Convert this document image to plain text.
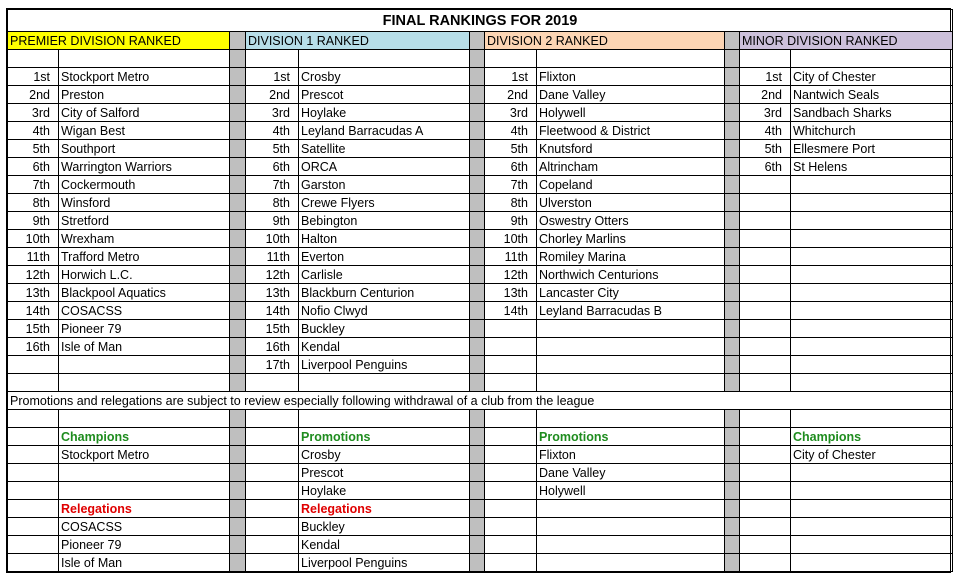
FINAL RANKINGS FOR 2019										
PREMIER DIVISION RANKED			DIVISION 1 RANKED			DIVISION 2 RANKED			MINOR DIVISION RANKED	

1st	Stockport Metro		1st	Crosby		1st	Flixton		1st	City of Chester
2nd	Preston		2nd	Prescot		2nd	Dane Valley		2nd	Nantwich Seals
3rd	City of Salford		3rd	Hoylake		3rd	Holywell		3rd	Sandbach Sharks
4th	Wigan Best		4th	Leyland Barracudas A		4th	Fleetwood & District		4th	Whitchurch
5th	Southport		5th	Satellite		5th	Knutsford		5th	Ellesmere Port
6th	Warrington Warriors		6th	ORCA		6th	Altrincham		6th	St Helens
7th	Cockermouth		7th	Garston		7th	Copeland			
8th	Winsford		8th	Crewe Flyers		8th	Ulverston			
9th	Stretford		9th	Bebington		9th	Oswestry Otters			
10th	Wrexham		10th	Halton		10th	Chorley Marlins			
11th	Trafford Metro		11th	Everton		11th	Romiley Marina			
12th	Horwich L.C.		12th	Carlisle		12th	Northwich Centurions			
13th	Blackpool Aquatics		13th	Blackburn Centurion		13th	Lancaster City			
14th	COSACSS		14th	Nofio Clwyd		14th	Leyland Barracudas B			
15th	Pioneer 79		15th	Buckley						
16th	Isle of Man		16th	Kendal						
			17th	Liverpool Penguins						

Promotions and relegations are subject to review especially following withdrawal of a club from the league										

	Champions			Promotions			Promotions			Champions
	Stockport Metro			Crosby			Flixton			City of Chester
				Prescot			Dane Valley			
				Hoylake			Holywell			
	Relegations			Relegations						
	COSACSS			Buckley						
	Pioneer 79			Kendal						
	Isle of Man			Liverpool Penguins						
